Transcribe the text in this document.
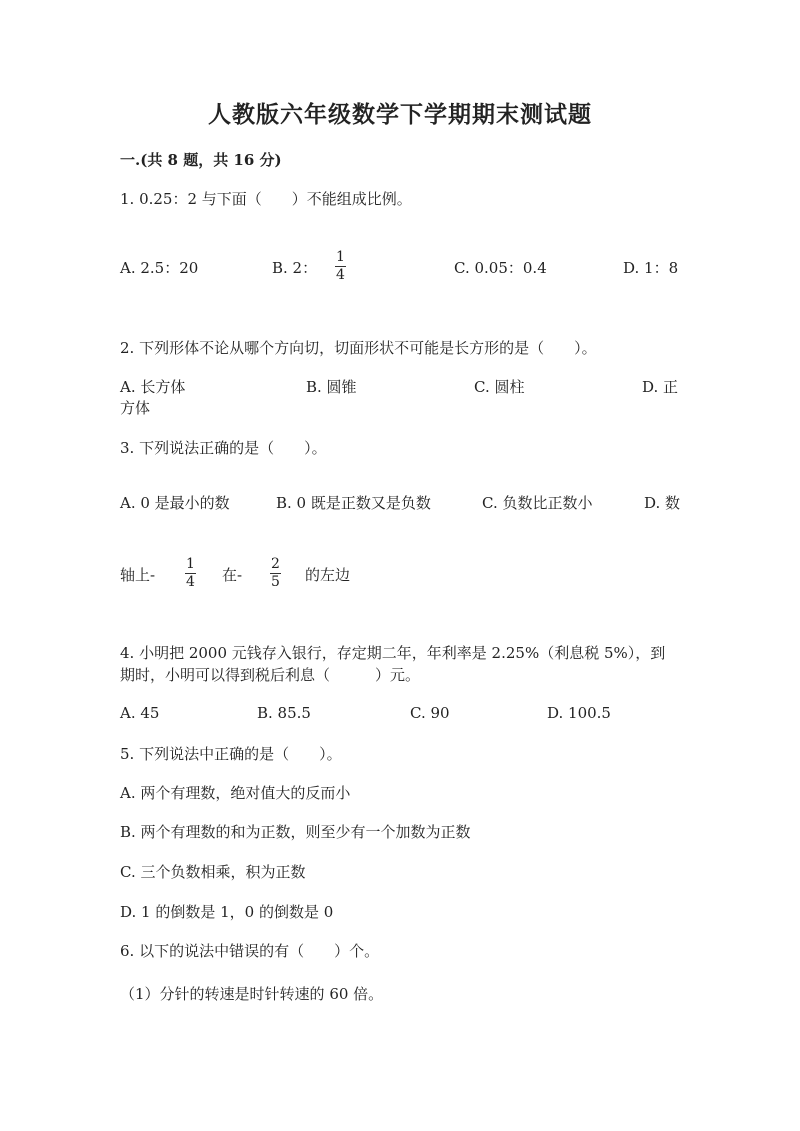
人教版六年级数学下学期期末测试题
一.(共 8 题，共 16 分)
1. 0.25：2 与下面（　　）不能组成比例。
A. 2.5：20	B. 2：
1
4	C. 0.05：0.4	D. 1：8
2. 下列形体不论从哪个方向切，切面形状不可能是长方形的是（　　）。
A. 长方体	B. 圆锥	C. 圆柱	D. 正
方体
3. 下列说法正确的是（　　）。
A. 0 是最小的数	B. 0 既是正数又是负数	C. 负数比正数小	D. 数
轴上-
1
4 在-
2
5 的左边
4. 小明把 2000 元钱存入银行，存定期二年，年利率是 2.25%（利息税 5%），到
期时，小明可以得到税后利息（　　　）元。
A. 45	B. 85.5	C. 90	D. 100.5
5. 下列说法中正确的是（　　）。
A. 两个有理数，绝对值大的反而小
B. 两个有理数的和为正数，则至少有一个加数为正数
C. 三个负数相乘，积为正数
D. 1 的倒数是 1，0 的倒数是 0
6. 以下的说法中错误的有（　　）个。
（1）分针的转速是时针转速的 60 倍。
